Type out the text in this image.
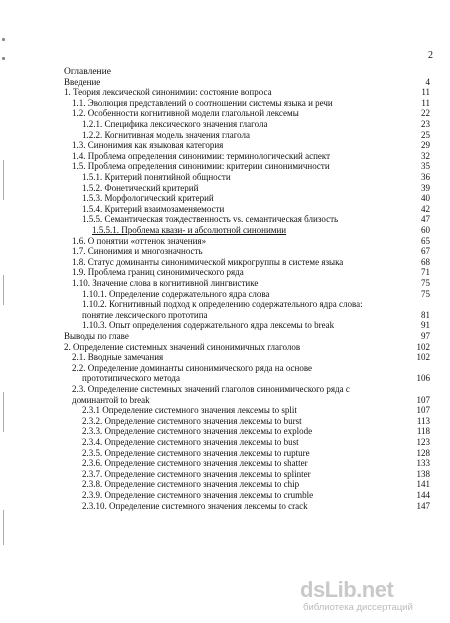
2
Оглавление
Введение	4
1. Теория лексической синонимии: состояние вопроса	11
1.1. Эволюция представлений о соотношении системы языка и речи	11
1.2. Особенности когнитивной модели глагольной лексемы	22
1.2.1. Специфика лексического значения глагола	23
1.2.2. Когнитивная модель значения глагола	25
1.3. Синонимия как языковая категория	29
1.4. Проблема определения синонимии: терминологический аспект	32
1.5. Проблема определения синонимии: критерии синонимичности	35
1.5.1. Критерий понятийной общности	36
1.5.2. Фонетический критерий	39
1.5.3. Морфологический критерий	40
1.5.4. Критерий взаимозаменяемости	42
1.5.5. Семантическая тождественность vs. семантическая близость	47
1.5.5.1. Проблема квази- и абсолютной синонимии	60
1.6. О понятии «оттенок значения»	65
1.7. Синонимия и многозначность	67
1.8. Статус доминанты синонимической микрогруппы в системе языка	68
1.9. Проблема границ синонимического ряда	71
1.10. Значение слова в когнитивной лингвистике	75
1.10.1. Определение содержательного ядра слова	75
1.10.2. Когнитивный подход к определению содержательного ядра слова:
понятие лексического прототипа	81
1.10.3. Опыт определения содержательного ядра лексемы to break	91
Выводы по главе	97
2. Определение системных значений синонимичных глаголов	102
2.1. Вводные замечания	102
2.2. Определение доминанты синонимического ряда на основе
прототипического метода	106
2.3. Определение системных значений глаголов синонимического ряда с
доминантой to break	107
2.3.1 Определение системного значения лексемы to split	107
2.3.2. Определение системного значения лексемы to burst	113
2.3.3. Определение системного значения лексемы to explode	118
2.3.4. Определение системного значения лексемы to bust	123
2.3.5. Определение системного значения лексемы to rupture	128
2.3.6. Определение системного значения лексемы to shatter	133
2.3.7. Определение системного значения лексемы to splinter	138
2.3.8. Определение системного значения лексемы to chip	141
2.3.9. Определение системного значения лексемы to crumble	144
2.3.10. Определение системного значения лексемы to crack	147
dsLib.net
библиотека диссертаций
